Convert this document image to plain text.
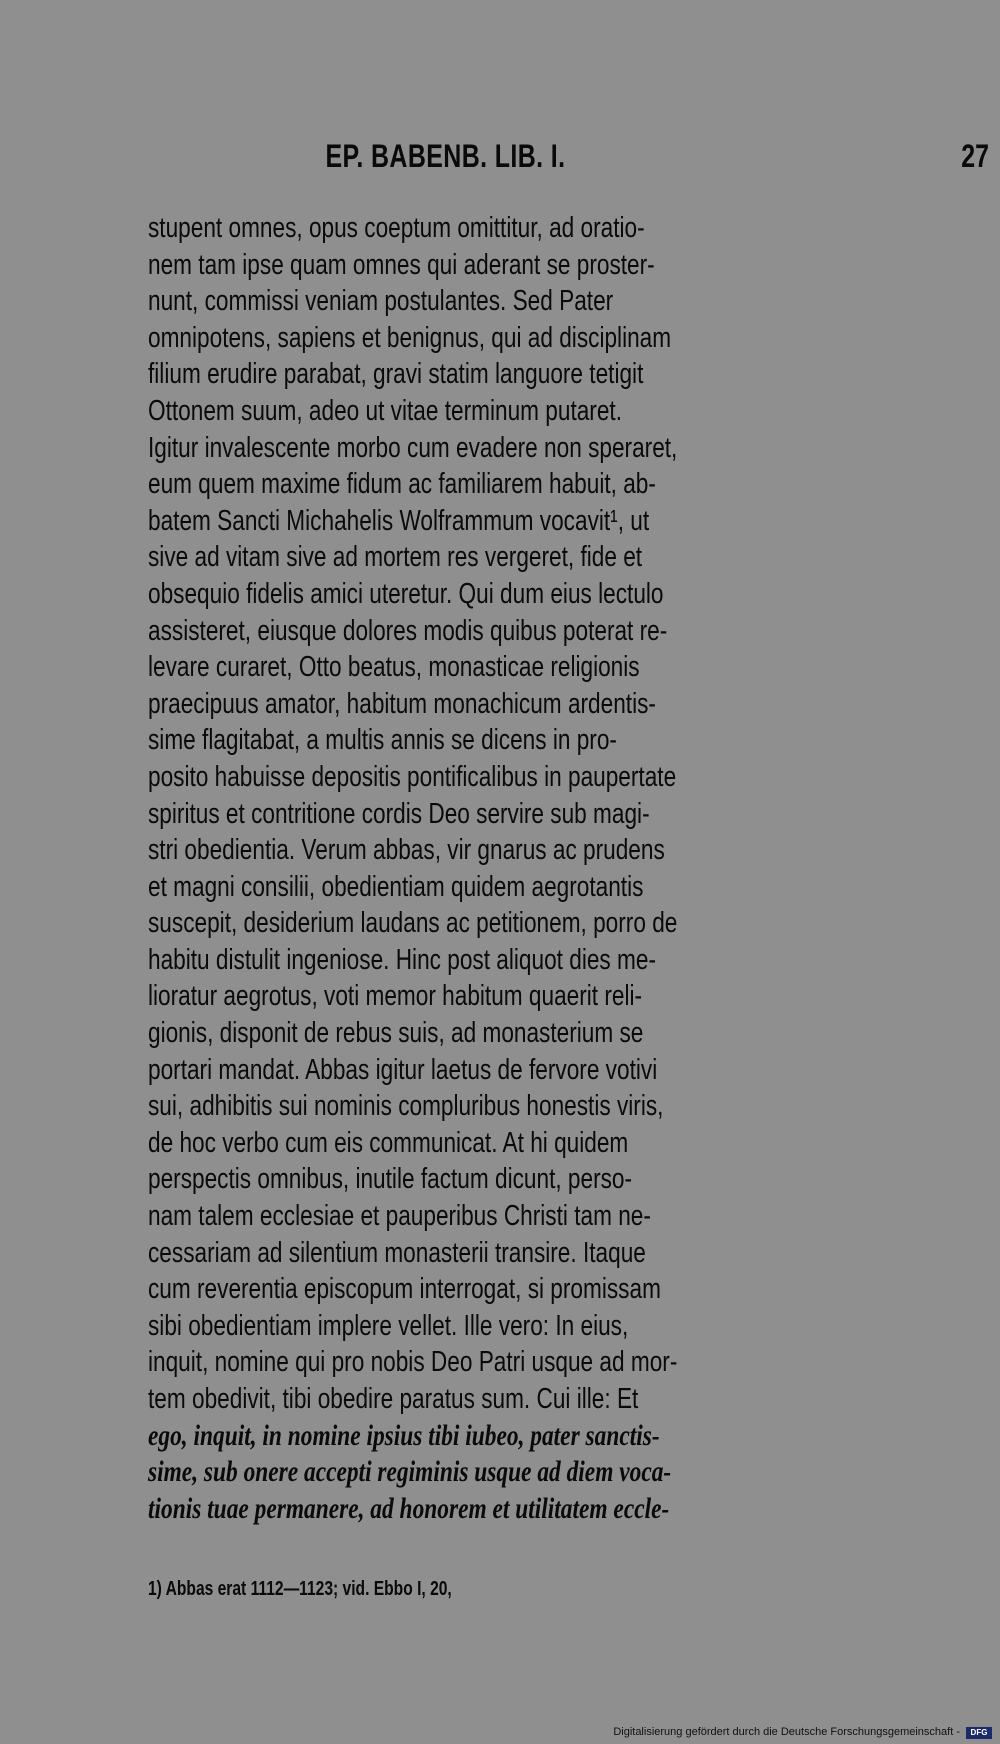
EP. BABENB. LIB. I.	27
stupent omnes, opus coeptum omittitur, ad oratio-
nem tam ipse quam omnes qui aderant se proster-
nunt, commissi veniam postulantes. Sed Pater
omnipotens, sapiens et benignus, qui ad disciplinam
filium erudire parabat, gravi statim languore tetigit
Ottonem suum, adeo ut vitae terminum putaret.
Igitur invalescente morbo cum evadere non speraret,
eum quem maxime fidum ac familiarem habuit, ab-
batem Sancti Michahelis Wolframmum vocavit¹, ut
sive ad vitam sive ad mortem res vergeret, fide et
obsequio fidelis amici uteretur. Qui dum eius lectulo
assisteret, eiusque dolores modis quibus poterat re-
levare curaret, Otto beatus, monasticae religionis
praecipuus amator, habitum monachicum ardentis-
sime flagitabat, a multis annis se dicens in pro-
posito habuisse depositis pontificalibus in paupertate
spiritus et contritione cordis Deo servire sub magi-
stri obedientia. Verum abbas, vir gnarus ac prudens
et magni consilii, obedientiam quidem aegrotantis
suscepit, desiderium laudans ac petitionem, porro de
habitu distulit ingeniose. Hinc post aliquot dies me-
lioratur aegrotus, voti memor habitum quaerit reli-
gionis, disponit de rebus suis, ad monasterium se
portari mandat. Abbas igitur laetus de fervore votivi
sui, adhibitis sui nominis compluribus honestis viris,
de hoc verbo cum eis communicat. At hi quidem
perspectis omnibus, inutile factum dicunt, perso-
nam talem ecclesiae et pauperibus Christi tam ne-
cessariam ad silentium monasterii transire. Itaque
cum reverentia episcopum interrogat, si promissam
sibi obedientiam implere vellet. Ille vero: In eius,
inquit, nomine qui pro nobis Deo Patri usque ad mor-
tem obedivit, tibi obedire paratus sum. Cui ille: Et
ego, inquit, in nomine ipsius tibi iubeo, pater sanctis-
sime, sub onere accepti regiminis usque ad diem voca-
tionis tuae permanere, ad honorem et utilitatem eccle-
1) Abbas erat 1112—1123; vid. Ebbo I, 20,
Digitalisierung gefördert durch die Deutsche Forschungsgemeinschaft -	DFG
